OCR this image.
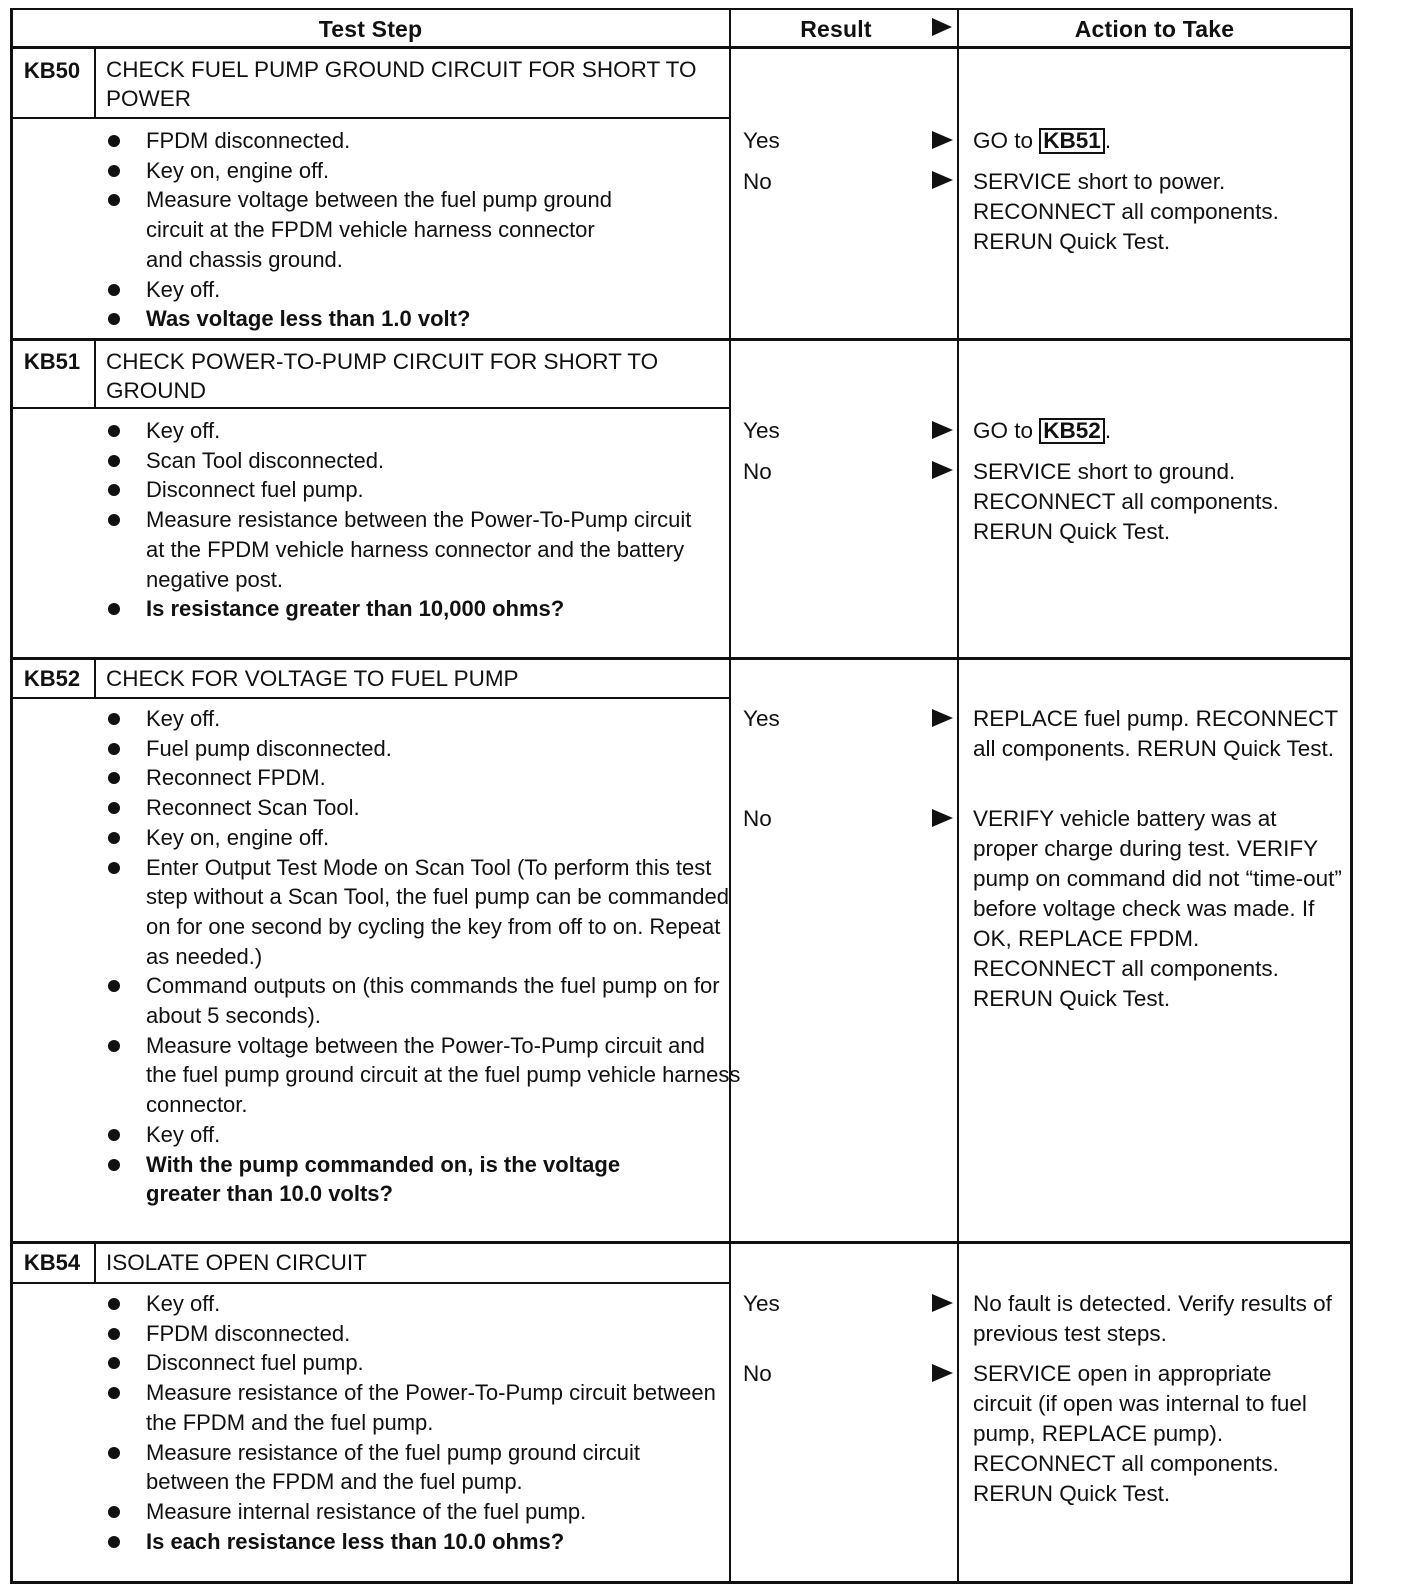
Test Step	Result	Action to Take
KB50	CHECK FUEL PUMP GROUND CIRCUIT FOR SHORT TO POWER
FPDM disconnected.
Key on, engine off.
Measure voltage between the fuel pump ground circuit at the FPDM vehicle harness connector and chassis ground.
Key off.
Was voltage less than 1.0 volt?
Yes	GO to KB51 .
No	SERVICE short to power. RECONNECT all components. RERUN Quick Test.
KB51	CHECK POWER-TO-PUMP CIRCUIT FOR SHORT TO GROUND
Key off.
Scan Tool disconnected.
Disconnect fuel pump.
Measure resistance between the Power-To-Pump circuit at the FPDM vehicle harness connector and the battery negative post.
Is resistance greater than 10,000 ohms?
Yes	GO to KB52 .
No	SERVICE short to ground. RECONNECT all components. RERUN Quick Test.
KB52	CHECK FOR VOLTAGE TO FUEL PUMP
Key off.
Fuel pump disconnected.
Reconnect FPDM.
Reconnect Scan Tool.
Key on, engine off.
Enter Output Test Mode on Scan Tool (To perform this test step without a Scan Tool, the fuel pump can be commanded on for one second by cycling the key from off to on. Repeat as needed.)
Command outputs on (this commands the fuel pump on for about 5 seconds).
Measure voltage between the Power-To-Pump circuit and the fuel pump ground circuit at the fuel pump vehicle harness connector.
Key off.
With the pump commanded on, is the voltage greater than 10.0 volts?
Yes	REPLACE fuel pump. RECONNECT all components. RERUN Quick Test.
No	VERIFY vehicle battery was at proper charge during test. VERIFY pump on command did not “time-out” before voltage check was made. If OK, REPLACE FPDM. RECONNECT all components. RERUN Quick Test.
KB54	ISOLATE OPEN CIRCUIT
Key off.
FPDM disconnected.
Disconnect fuel pump.
Measure resistance of the Power-To-Pump circuit between the FPDM and the fuel pump.
Measure resistance of the fuel pump ground circuit between the FPDM and the fuel pump.
Measure internal resistance of the fuel pump.
Is each resistance less than 10.0 ohms?
Yes	No fault is detected. Verify results of previous test steps.
No	SERVICE open in appropriate circuit (if open was internal to fuel pump, REPLACE pump). RECONNECT all components. RERUN Quick Test.
